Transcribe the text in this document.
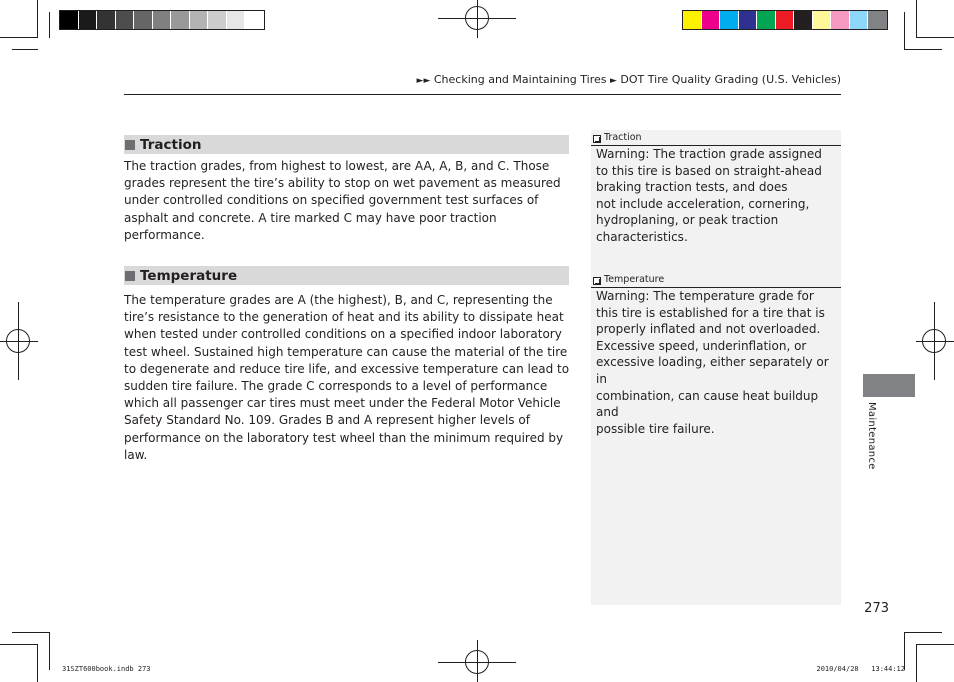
►► Checking and Maintaining Tires ► DOT Tire Quality Grading (U.S. Vehicles)
Traction

The traction grades, from highest to lowest, are AA, A, B, and C. Those
grades represent the tire’s ability to stop on wet pavement as measured
under controlled conditions on specified government test surfaces of
asphalt and concrete. A tire marked C may have poor traction performance.

Temperature

The temperature grades are A (the highest), B, and C, representing the
tire’s resistance to the generation of heat and its ability to dissipate heat
when tested under controlled conditions on a specified indoor laboratory
test wheel. Sustained high temperature can cause the material of the tire
to degenerate and reduce tire life, and excessive temperature can lead to
sudden tire failure. The grade C corresponds to a level of performance
which all passenger car tires must meet under the Federal Motor Vehicle
Safety Standard No. 109. Grades B and A represent higher levels of
performance on the laboratory test wheel than the minimum required by
law.

Traction
Warning: The traction grade assigned
to this tire is based on straight-ahead
braking traction tests, and does
not include acceleration, cornering,
hydroplaning, or peak traction
characteristics.
Temperature
Warning: The temperature grade for
this tire is established for a tire that is
properly inflated and not overloaded.
Excessive speed, underinflation, or
excessive loading, either separately or in
combination, can cause heat buildup and
possible tire failure.	Maintenance
273
31SZT600book.indb 273	2010/04/28   13:44:12
